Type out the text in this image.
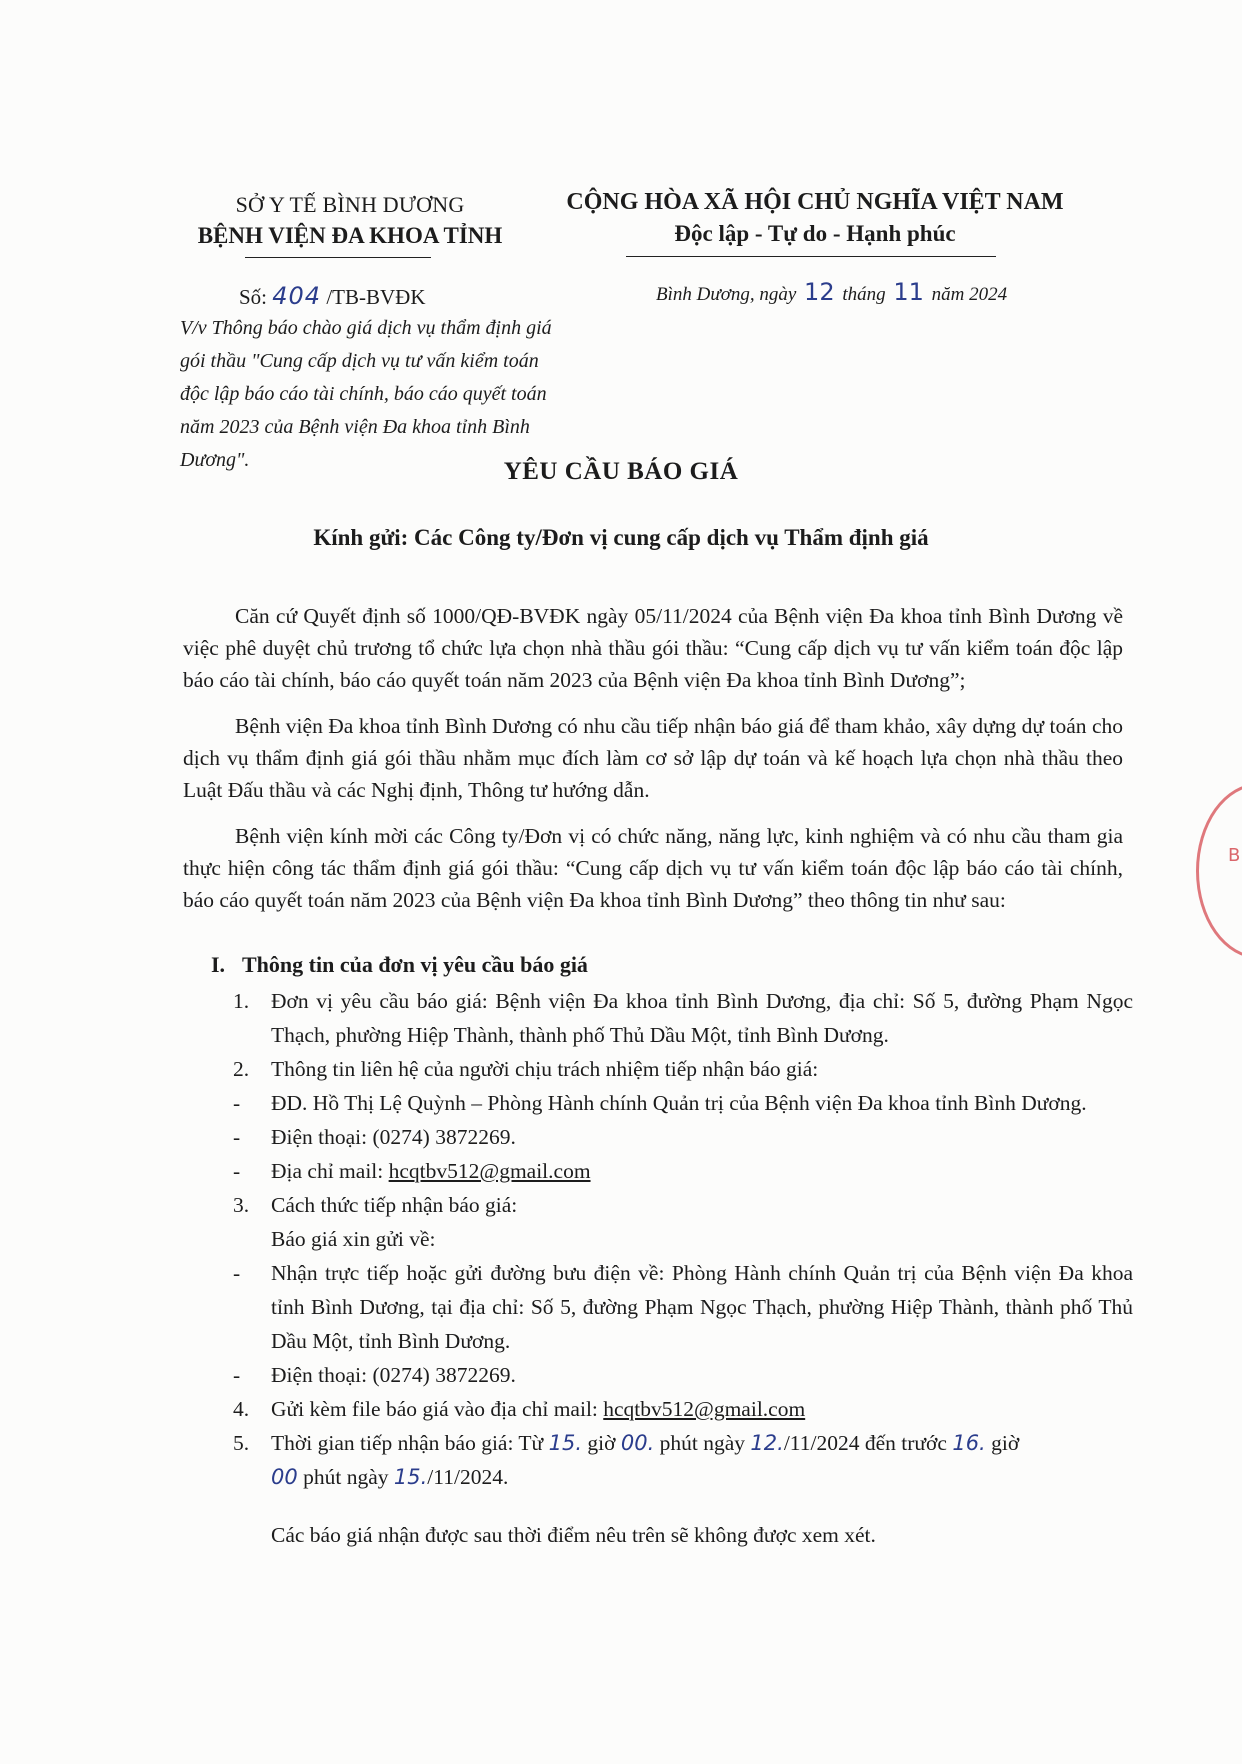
SỞ Y TẾ BÌNH DƯƠNG
BỆNH VIỆN ĐA KHOA TỈNH
CỘNG HÒA XÃ HỘI CHỦ NGHĨA VIỆT NAM
Độc lập - Tự do - Hạnh phúc
Số: 404 /TB-BVĐK	Bình Dương, ngày 12 tháng 11 năm 2024
V/v Thông báo chào giá dịch vụ thẩm định giá gói thầu "Cung cấp dịch vụ tư vấn kiểm toán độc lập báo cáo tài chính, báo cáo quyết toán năm 2023 của Bệnh viện Đa khoa tỉnh Bình Dương".	YÊU CẦU BÁO GIÁ
Kính gửi: Các Công ty/Đơn vị cung cấp dịch vụ Thẩm định giá

Căn cứ Quyết định số 1000/QĐ-BVĐK ngày 05/11/2024 của Bệnh viện Đa khoa tỉnh Bình Dương về việc phê duyệt chủ trương tổ chức lựa chọn nhà thầu gói thầu: “Cung cấp dịch vụ tư vấn kiểm toán độc lập báo cáo tài chính, báo cáo quyết toán năm 2023 của Bệnh viện Đa khoa tỉnh Bình Dương”;

Bệnh viện Đa khoa tỉnh Bình Dương có nhu cầu tiếp nhận báo giá để tham khảo, xây dựng dự toán cho dịch vụ thẩm định giá gói thầu nhằm mục đích làm cơ sở lập dự toán và kế hoạch lựa chọn nhà thầu theo Luật Đấu thầu và các Nghị định, Thông tư hướng dẫn.

Bệnh viện kính mời các Công ty/Đơn vị có chức năng, năng lực, kinh nghiệm và có nhu cầu tham gia thực hiện công tác thẩm định giá gói thầu: “Cung cấp dịch vụ tư vấn kiểm toán độc lập báo cáo tài chính, báo cáo quyết toán năm 2023 của Bệnh viện Đa khoa tỉnh Bình Dương” theo thông tin như sau:

I. Thông tin của đơn vị yêu cầu báo giá
1.	Đơn vị yêu cầu báo giá: Bệnh viện Đa khoa tỉnh Bình Dương, địa chỉ: Số 5, đường Phạm Ngọc Thạch, phường Hiệp Thành, thành phố Thủ Dầu Một, tỉnh Bình Dương.
2.	Thông tin liên hệ của người chịu trách nhiệm tiếp nhận báo giá:
-	ĐD. Hồ Thị Lệ Quỳnh – Phòng Hành chính Quản trị của Bệnh viện Đa khoa tỉnh Bình Dương.
-	Điện thoại: (0274) 3872269.
-	Địa chỉ mail: hcqtbv512@gmail.com
3.	Cách thức tiếp nhận báo giá:
Báo giá xin gửi về:
-	Nhận trực tiếp hoặc gửi đường bưu điện về: Phòng Hành chính Quản trị của Bệnh viện Đa khoa tỉnh Bình Dương, tại địa chỉ: Số 5, đường Phạm Ngọc Thạch, phường Hiệp Thành, thành phố Thủ Dầu Một, tỉnh Bình Dương.
-	Điện thoại: (0274) 3872269.
4.	Gửi kèm file báo giá vào địa chỉ mail: hcqtbv512@gmail.com
5.	Thời gian tiếp nhận báo giá: Từ 15. giờ 00. phút ngày 12./11/2024 đến trước 16. giờ
00 phút ngày 15./11/2024.
Các báo giá nhận được sau thời điểm nêu trên sẽ không được xem xét.
B
